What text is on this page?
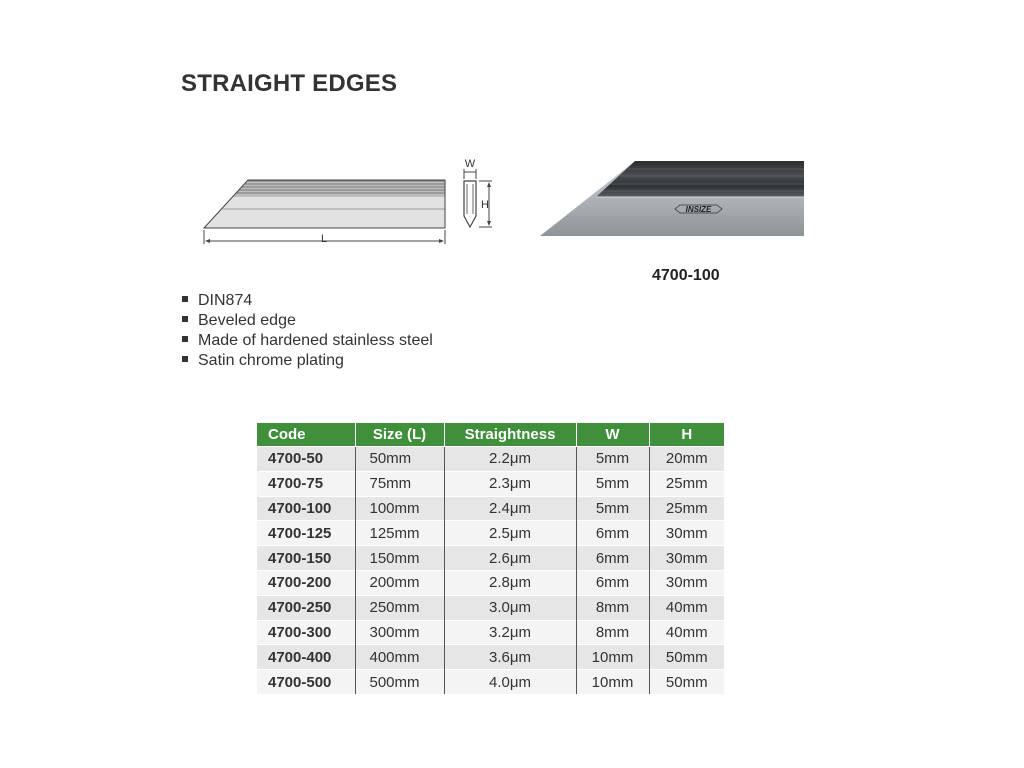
STRAIGHT EDGES
L
W
H	INSIZE
4700-100
DIN874
Beveled edge
Made of hardened stainless steel
Satin chrome plating
Code	Size (L)	Straightness	W	H
4700-50	50mm	2.2μm	5mm	20mm
4700-75	75mm	2.3μm	5mm	25mm
4700-100	100mm	2.4μm	5mm	25mm
4700-125	125mm	2.5μm	6mm	30mm
4700-150	150mm	2.6μm	6mm	30mm
4700-200	200mm	2.8μm	6mm	30mm
4700-250	250mm	3.0μm	8mm	40mm
4700-300	300mm	3.2μm	8mm	40mm
4700-400	400mm	3.6μm	10mm	50mm
4700-500	500mm	4.0μm	10mm	50mm
